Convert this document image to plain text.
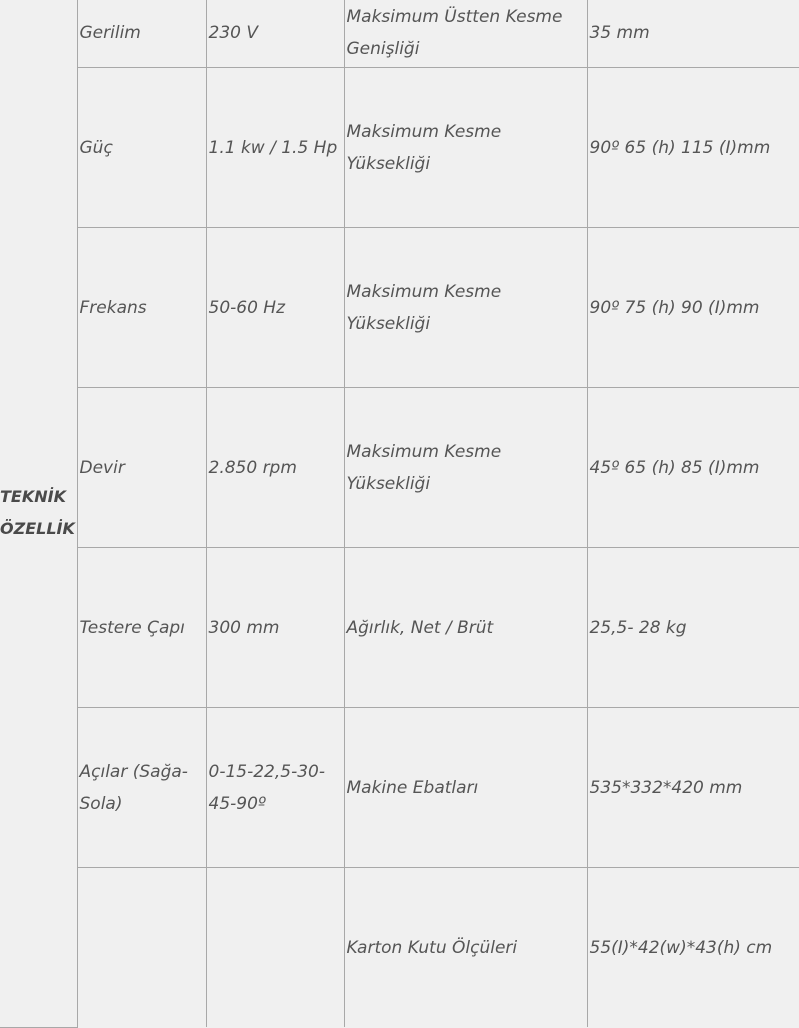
TEKNİK ÖZELLİK	Gerilim	230 V	Maksimum Üstten Kesme Genişliği	35 mm
	Güç	1.1 kw / 1.5 Hp	Maksimum Kesme Yüksekliği	90º 65 (h) 115 (I)mm
	Frekans	50-60 Hz	Maksimum Kesme Yüksekliği	90º 75 (h) 90 (I)mm
	Devir	2.850 rpm	Maksimum Kesme Yüksekliği	45º 65 (h) 85 (I)mm
	Testere Çapı	300 mm	Ağırlık, Net / Brüt	25,5- 28 kg
	Açılar (Sağa-Sola)	0-15-22,5-30-45-90º	Makine Ebatları	535*332*420 mm
			Karton Kutu Ölçüleri	55(I)*42(w)*43(h) cm
